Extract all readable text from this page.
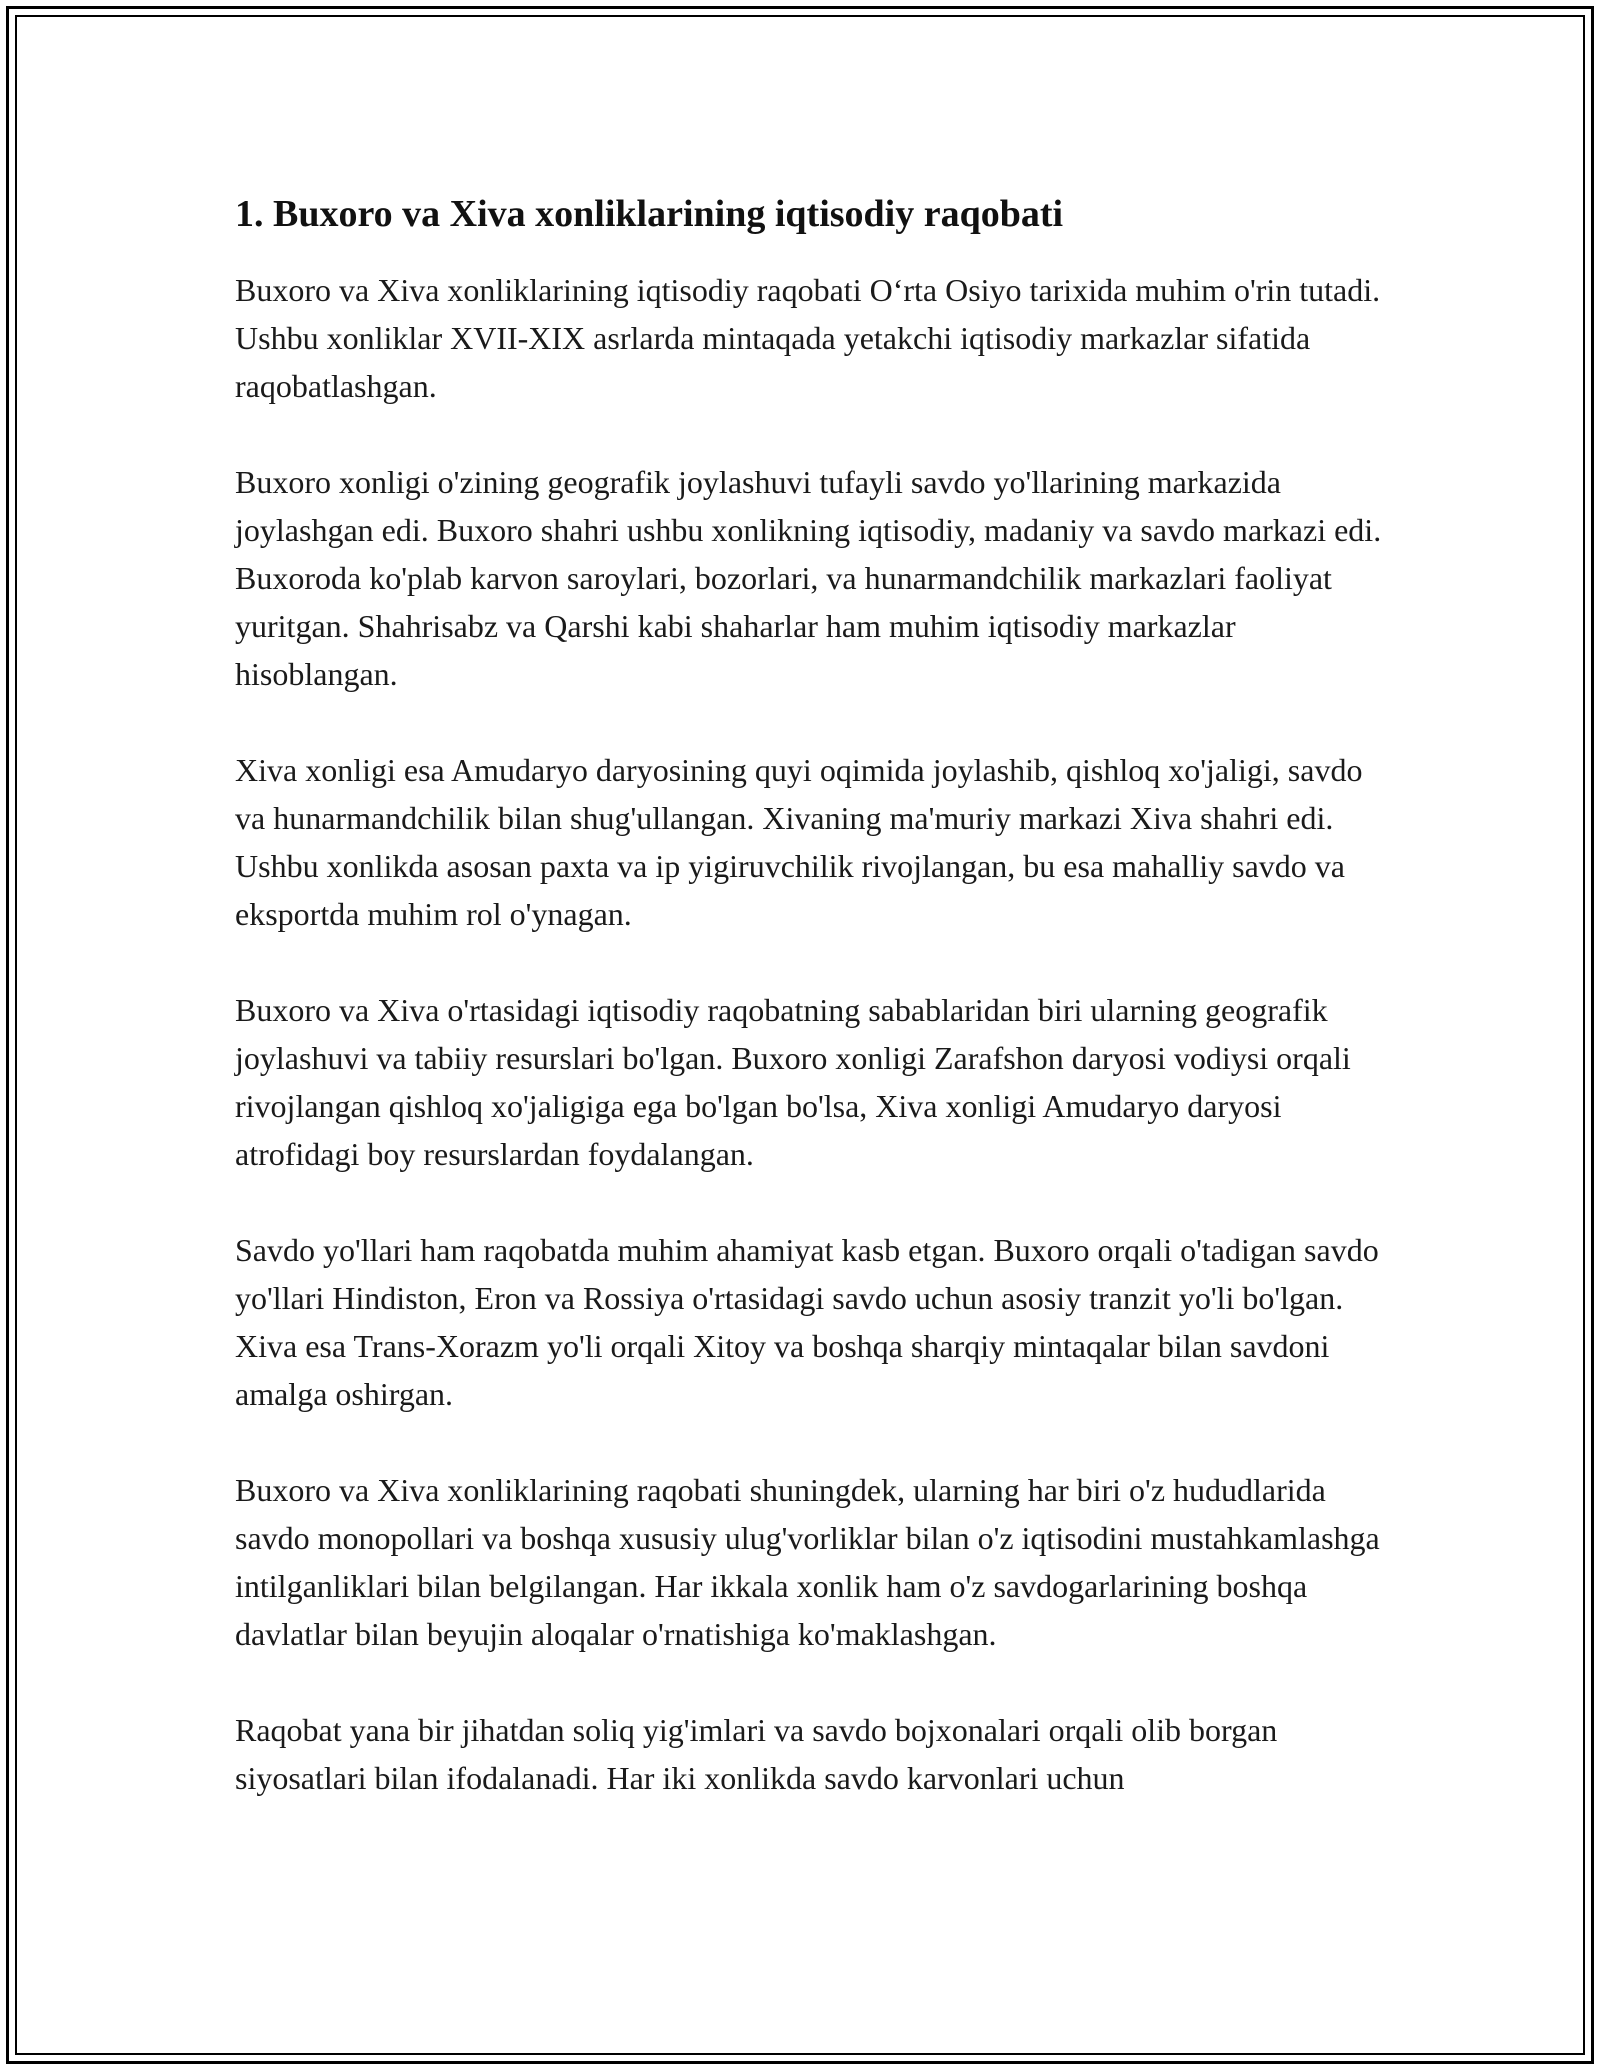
1. Buxoro va Xiva xonliklarining iqtisodiy raqobati

Buxoro va Xiva xonliklarining iqtisodiy raqobati O‘rta Osiyo tarixida muhim o'rin tutadi. Ushbu xonliklar XVII-XIX asrlarda mintaqada yetakchi iqtisodiy markazlar sifatida raqobatlashgan.

Buxoro xonligi o'zining geografik joylashuvi tufayli savdo yo'llarining markazida joylashgan edi. Buxoro shahri ushbu xonlikning iqtisodiy, madaniy va savdo markazi edi. Buxoroda ko'plab karvon saroylari, bozorlari, va hunarmandchilik markazlari faoliyat yuritgan. Shahrisabz va Qarshi kabi shaharlar ham muhim iqtisodiy markazlar hisoblangan.

Xiva xonligi esa Amudaryo daryosining quyi oqimida joylashib, qishloq xo'jaligi, savdo va hunarmandchilik bilan shug'ullangan. Xivaning ma'muriy markazi Xiva shahri edi. Ushbu xonlikda asosan paxta va ip yigiruvchilik rivojlangan, bu esa mahalliy savdo va eksportda muhim rol o'ynagan.

Buxoro va Xiva o'rtasidagi iqtisodiy raqobatning sabablaridan biri ularning geografik joylashuvi va tabiiy resurslari bo'lgan. Buxoro xonligi Zarafshon daryosi vodiysi orqali rivojlangan qishloq xo'jaligiga ega bo'lgan bo'lsa, Xiva xonligi Amudaryo daryosi atrofidagi boy resurslardan foydalangan.

Savdo yo'llari ham raqobatda muhim ahamiyat kasb etgan. Buxoro orqali o'tadigan savdo yo'llari Hindiston, Eron va Rossiya o'rtasidagi savdo uchun asosiy tranzit yo'li bo'lgan. Xiva esa Trans-Xorazm yo'li orqali Xitoy va boshqa sharqiy mintaqalar bilan savdoni amalga oshirgan.

Buxoro va Xiva xonliklarining raqobati shuningdek, ularning har biri o'z hududlarida savdo monopollari va boshqa xususiy ulug'vorliklar bilan o'z iqtisodini mustahkamlashga intilganliklari bilan belgilangan. Har ikkala xonlik ham o'z savdogarlarining boshqa davlatlar bilan beyujin aloqalar o'rnatishiga ko'maklashgan.

Raqobat yana bir jihatdan soliq yig'imlari va savdo bojxonalari orqali olib borgan siyosatlari bilan ifodalanadi. Har iki xonlikda savdo karvonlari uchun
